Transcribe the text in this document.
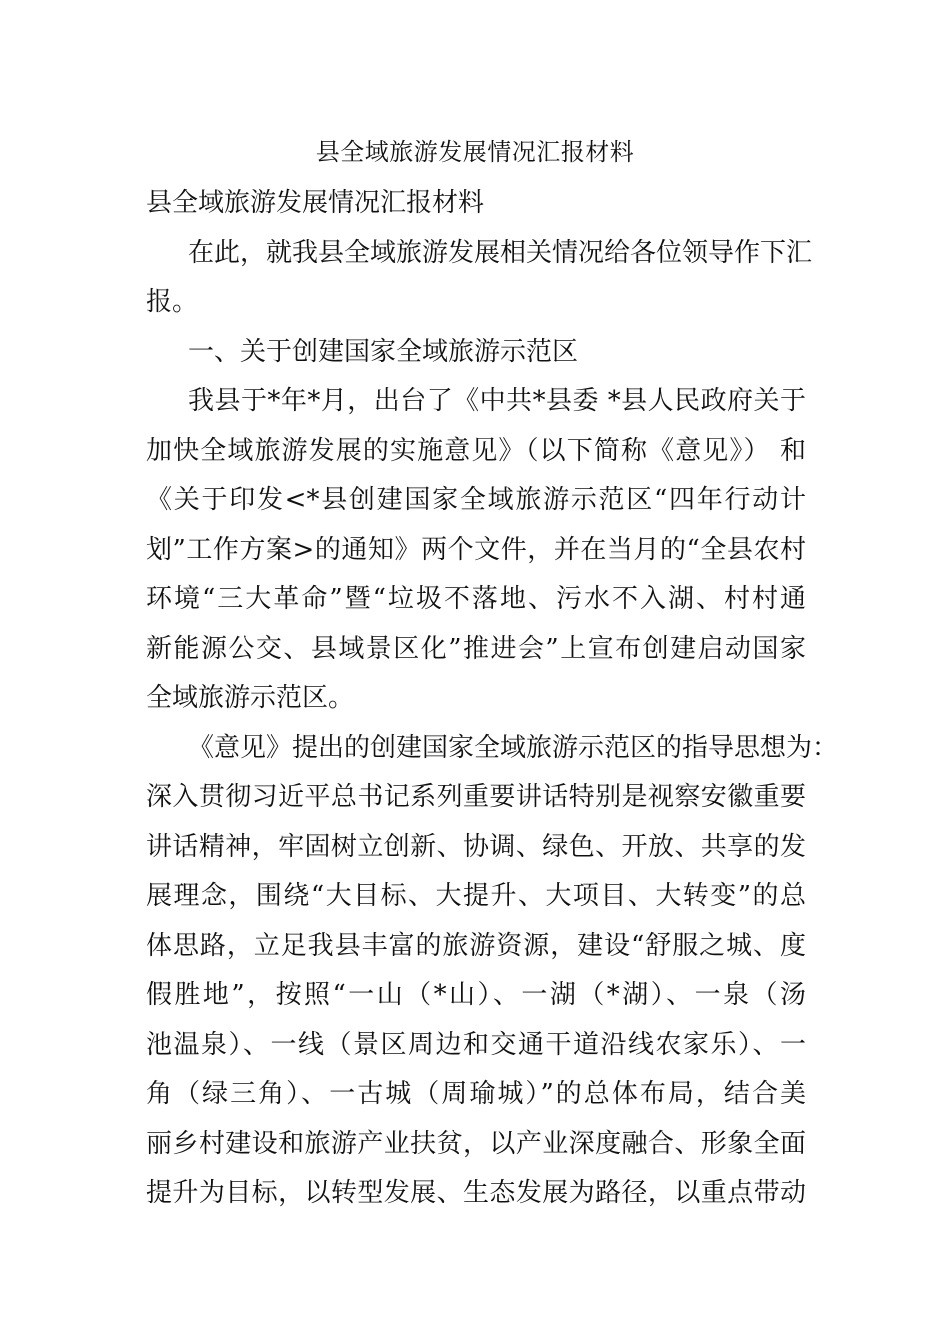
县全域旅游发展情况汇报材料
县全域旅游发展情况汇报材料
在此，就我县全域旅游发展相关情况给各位领导作下汇
报。
一、关于创建国家全域旅游示范区
我县于*年*月，出台了《中共*县委 *县人民政府关于
加快全域旅游发展的实施意见》（以下简称《意见》） 和
《关于印发<*县创建国家全域旅游示范区“四年行动计
划”工作方案>的通知》两个文件，并在当月的“全县农村
环境“三大革命”暨“垃圾不落地、污水不入湖、村村通
新能源公交、县域景区化”推进会”上宣布创建启动国家
全域旅游示范区。
《意见》提出的创建国家全域旅游示范区的指导思想为：
深入贯彻习近平总书记系列重要讲话特别是视察安徽重要
讲话精神，牢固树立创新、协调、绿色、开放、共享的发
展理念，围绕“大目标、大提升、大项目、大转变”的总
体思路，立足我县丰富的旅游资源，建设“舒服之城、度
假胜地”，按照“一山（*山）、一湖（*湖）、一泉（汤
池温泉）、一线（景区周边和交通干道沿线农家乐）、一
角（绿三角）、一古城（周瑜城）”的总体布局，结合美
丽乡村建设和旅游产业扶贫，以产业深度融合、形象全面
提升为目标，以转型发展、生态发展为路径，以重点带动
